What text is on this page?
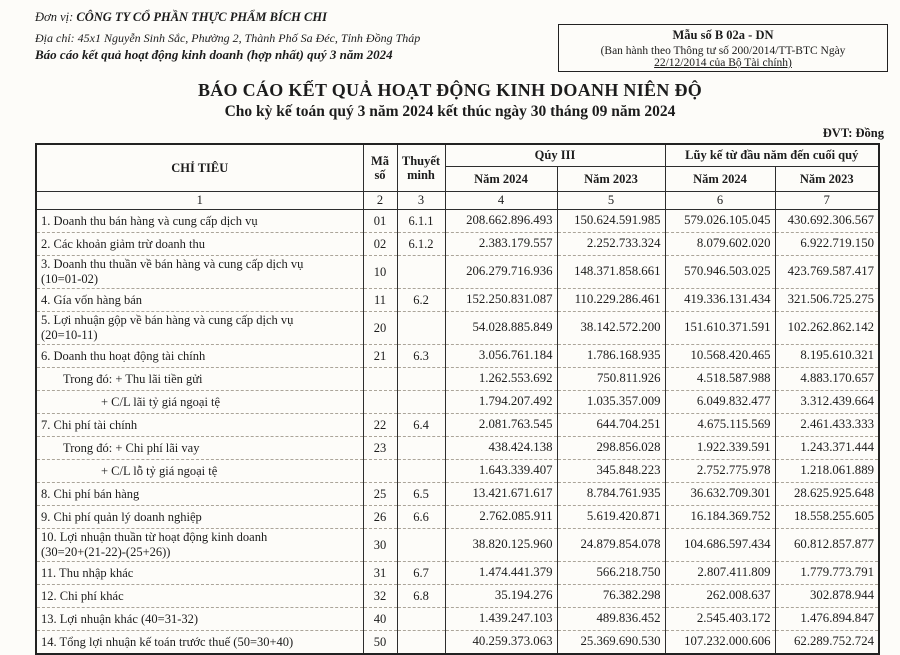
Đơn vị: CÔNG TY CỔ PHẦN THỰC PHẨM BÍCH CHI
Địa chỉ: 45x1 Nguyễn Sinh Sắc, Phường 2, Thành Phố Sa Đéc, Tỉnh Đồng Tháp
Báo cáo kết quả hoạt động kinh doanh (hợp nhất) quý 3 năm 2024
Mẫu số B 02a - DN
(Ban hành theo Thông tư số 200/2014/TT-BTC Ngày
22/12/2014 của Bộ Tài chính)
BÁO CÁO KẾT QUẢ HOẠT ĐỘNG KINH DOANH NIÊN ĐỘ
Cho kỳ kế toán quý 3 năm 2024 kết thúc ngày 30 tháng 09 năm 2024
ĐVT: Đồng
CHỈ TIÊU	
Mã
số

Thuyết
minh
	Qúy III	Lũy kế từ đầu năm đến cuối quý
			Năm 2024	Năm 2023	Năm 2024	Năm 2023
1	2	3	4	5	6	7

1. Doanh thu bán hàng và cung cấp dịch vụ	01	6.1.1	208.662.896.493	150.624.591.985	579.026.105.045	430.692.306.567

2. Các khoản giảm trừ doanh thu	02	6.1.2	2.383.179.557	2.252.733.324	8.079.602.020	6.922.719.150

3. Doanh thu thuần về bán hàng và cung cấp dịch vụ
(10=01-02)	10		206.279.716.936	148.371.858.661	570.946.503.025	423.769.587.417

4. Gía vốn hàng bán	11	6.2	152.250.831.087	110.229.286.461	419.336.131.434	321.506.725.275

5. Lợi nhuận gộp về bán hàng và cung cấp dịch vụ
(20=10-11)	20		54.028.885.849	38.142.572.200	151.610.371.591	102.262.862.142

6. Doanh thu hoạt động tài chính	21	6.3	3.056.761.184	1.786.168.935	10.568.420.465	8.195.610.321

Trong đó: + Thu lãi tiền gửi			1.262.553.692	750.811.926	4.518.587.988	4.883.170.657

+ C/L lãi tỷ giá ngoại tệ			1.794.207.492	1.035.357.009	6.049.832.477	3.312.439.664

7. Chi phí tài chính	22	6.4	2.081.763.545	644.704.251	4.675.115.569	2.461.433.333

Trong đó: + Chi phí lãi vay	23		438.424.138	298.856.028	1.922.339.591	1.243.371.444

+ C/L lỗ tỷ giá ngoại tệ			1.643.339.407	345.848.223	2.752.775.978	1.218.061.889

8. Chi phí bán hàng	25	6.5	13.421.671.617	8.784.761.935	36.632.709.301	28.625.925.648

9. Chi phí quản lý doanh nghiệp	26	6.6	2.762.085.911	5.619.420.871	16.184.369.752	18.558.255.605

10. Lợi nhuận thuần từ hoạt động kinh doanh
(30=20+(21-22)-(25+26))	30		38.820.125.960	24.879.854.078	104.686.597.434	60.812.857.877

11. Thu nhập khác	31	6.7	1.474.441.379	566.218.750	2.807.411.809	1.779.773.791

12. Chi phí khác	32	6.8	35.194.276	76.382.298	262.008.637	302.878.944

13. Lợi nhuận khác (40=31-32)	40		1.439.247.103	489.836.452	2.545.403.172	1.476.894.847

14. Tổng lợi nhuận kế toán trước thuế (50=30+40)	50		40.259.373.063	25.369.690.530	107.232.000.606	62.289.752.724
